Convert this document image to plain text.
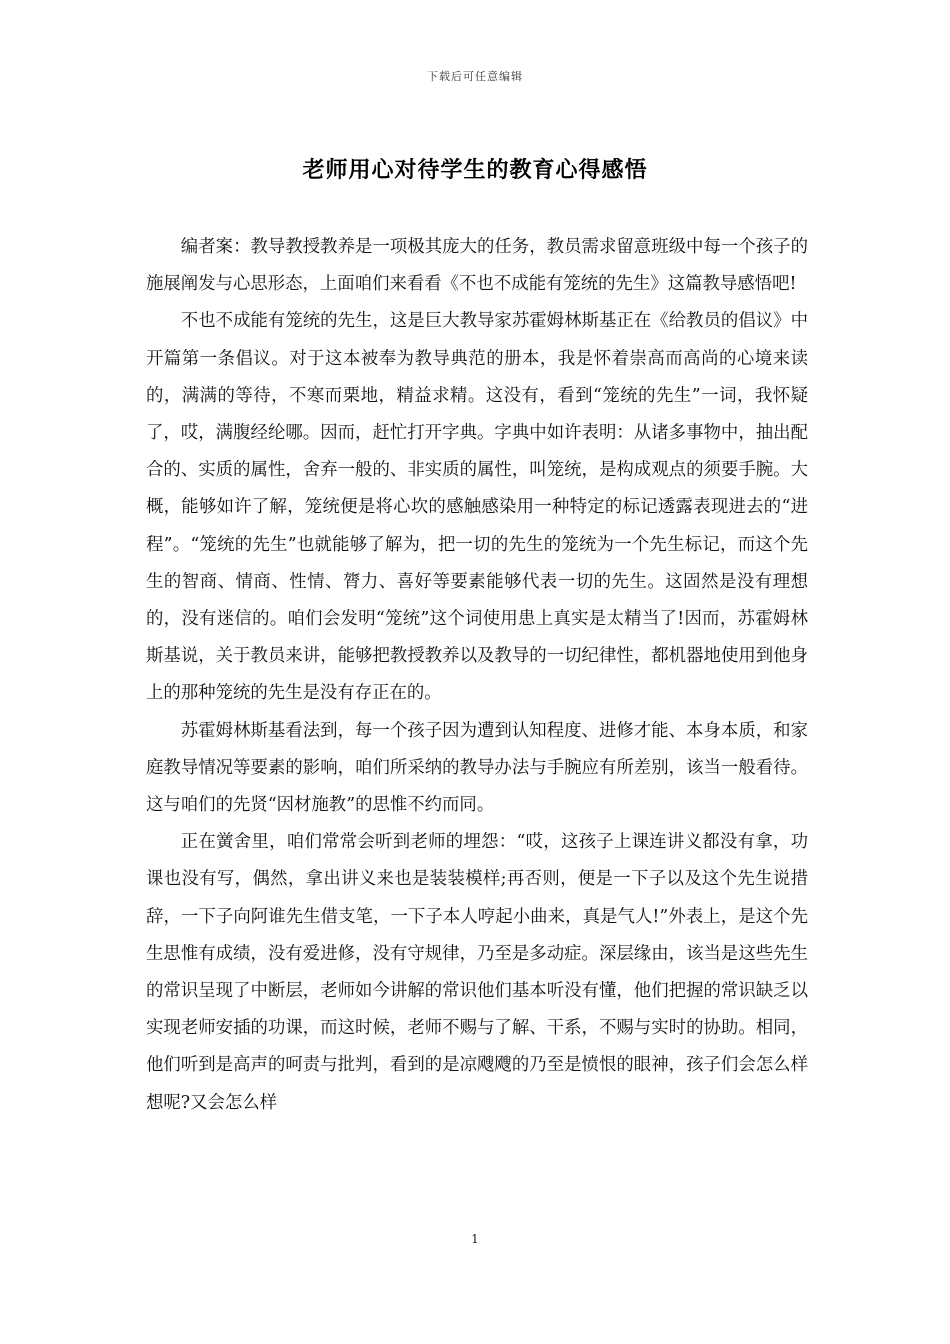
下载后可任意编辑
老师用心对待学生的教育心得感悟

编者案：教导教授教养是一项极其庞大的任务，教员需求留意班级中每一个孩子的施展阐发与心思形态，上面咱们来看看《不也不成能有笼统的先生》这篇教导感悟吧!

不也不成能有笼统的先生，这是巨大教导家苏霍姆林斯基正在《给教员的倡议》中开篇第一条倡议。对于这本被奉为教导典范的册本，我是怀着崇高而高尚的心境来读的，满满的等待，不寒而栗地，精益求精。这没有，看到“笼统的先生”一词，我怀疑了，哎，满腹经纶哪。因而，赶忙打开字典。字典中如许表明：从诸多事物中，抽出配合的、实质的属性，舍弃一般的、非实质的属性，叫笼统，是构成观点的须要手腕。大概，能够如许了解，笼统便是将心坎的感触感染用一种特定的标记透露表现进去的“进程”。“笼统的先生”也就能够了解为，把一切的先生的笼统为一个先生标记，而这个先生的智商、情商、性情、膂力、喜好等要素能够代表一切的先生。这固然是没有理想的，没有迷信的。咱们会发明“笼统”这个词使用患上真实是太精当了!因而，苏霍姆林斯基说，关于教员来讲，能够把教授教养以及教导的一切纪律性，都机器地使用到他身上的那种笼统的先生是没有存正在的。

苏霍姆林斯基看法到，每一个孩子因为遭到认知程度、进修才能、本身本质，和家庭教导情况等要素的影响，咱们所采纳的教导办法与手腕应有所差别，该当一般看待。这与咱们的先贤“因材施教”的思惟不约而同。

正在黉舍里，咱们常常会听到老师的埋怨：“哎，这孩子上课连讲义都没有拿，功课也没有写，偶然，拿出讲义来也是装装模样;再否则，便是一下子以及这个先生说措辞，一下子向阿谁先生借支笔，一下子本人哼起小曲来，真是气人!”外表上，是这个先生思惟有成绩，没有爱进修，没有守规律，乃至是多动症。深层缘由，该当是这些先生的常识呈现了中断层，老师如今讲解的常识他们基本听没有懂，他们把握的常识缺乏以实现老师安插的功课，而这时候，老师不赐与了解、干系，不赐与实时的协助。相同，他们听到是高声的呵责与批判，看到的是凉飕飕的乃至是愤恨的眼神，孩子们会怎么样想呢?又会怎么样

1
